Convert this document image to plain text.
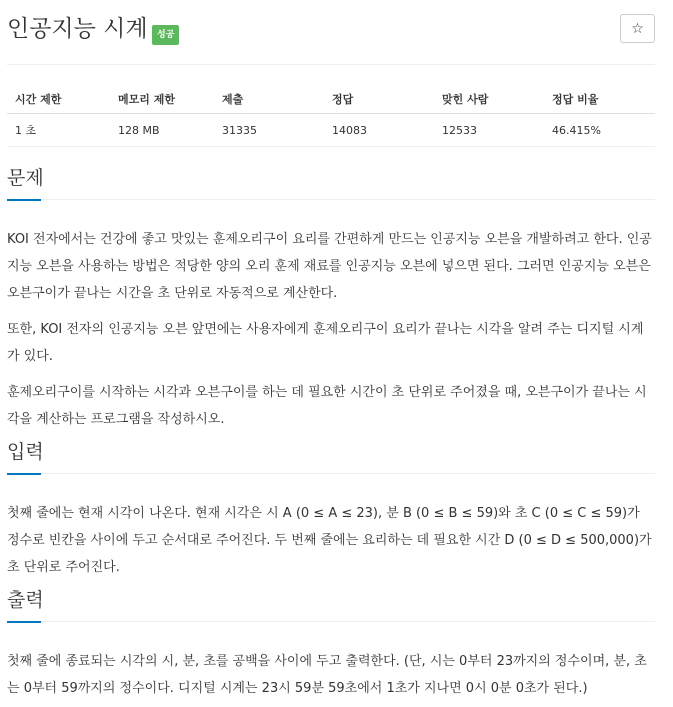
인공지능 시계	성공	☆
시간 제한	메모리 제한	제출	정답	맞힌 사람	정답 비율
1 초	128 MB	31335	14083	12533	46.415%
문제

KOI 전자에서는 건강에 좋고 맛있는 훈제오리구이 요리를 간편하게 만드는 인공지능 오븐을 개발하려고 한다. 인공지능 오븐을 사용하는 방법은 적당한 양의 오리 훈제 재료를 인공지능 오븐에 넣으면 된다. 그러면 인공지능 오븐은 오븐구이가 끝나는 시간을 초 단위로 자동적으로 계산한다.

또한, KOI 전자의 인공지능 오븐 앞면에는 사용자에게 훈제오리구이 요리가 끝나는 시각을 알려 주는 디지털 시계가 있다.

훈제오리구이를 시작하는 시각과 오븐구이를 하는 데 필요한 시간이 초 단위로 주어졌을 때, 오븐구이가 끝나는 시각을 계산하는 프로그램을 작성하시오.

입력

첫째 줄에는 현재 시각이 나온다. 현재 시각은 시 A (0 ≤ A ≤ 23), 분 B (0 ≤ B ≤ 59)와 초 C (0 ≤ C ≤ 59)가 정수로 빈칸을 사이에 두고 순서대로 주어진다. 두 번째 줄에는 요리하는 데 필요한 시간 D (0 ≤ D ≤ 500,000)가 초 단위로 주어진다.

출력

첫째 줄에 종료되는 시각의 시, 분, 초를 공백을 사이에 두고 출력한다. (단, 시는 0부터 23까지의 정수이며, 분, 초는 0부터 59까지의 정수이다. 디지털 시계는 23시 59분 59초에서 1초가 지나면 0시 0분 0초가 된다.)
